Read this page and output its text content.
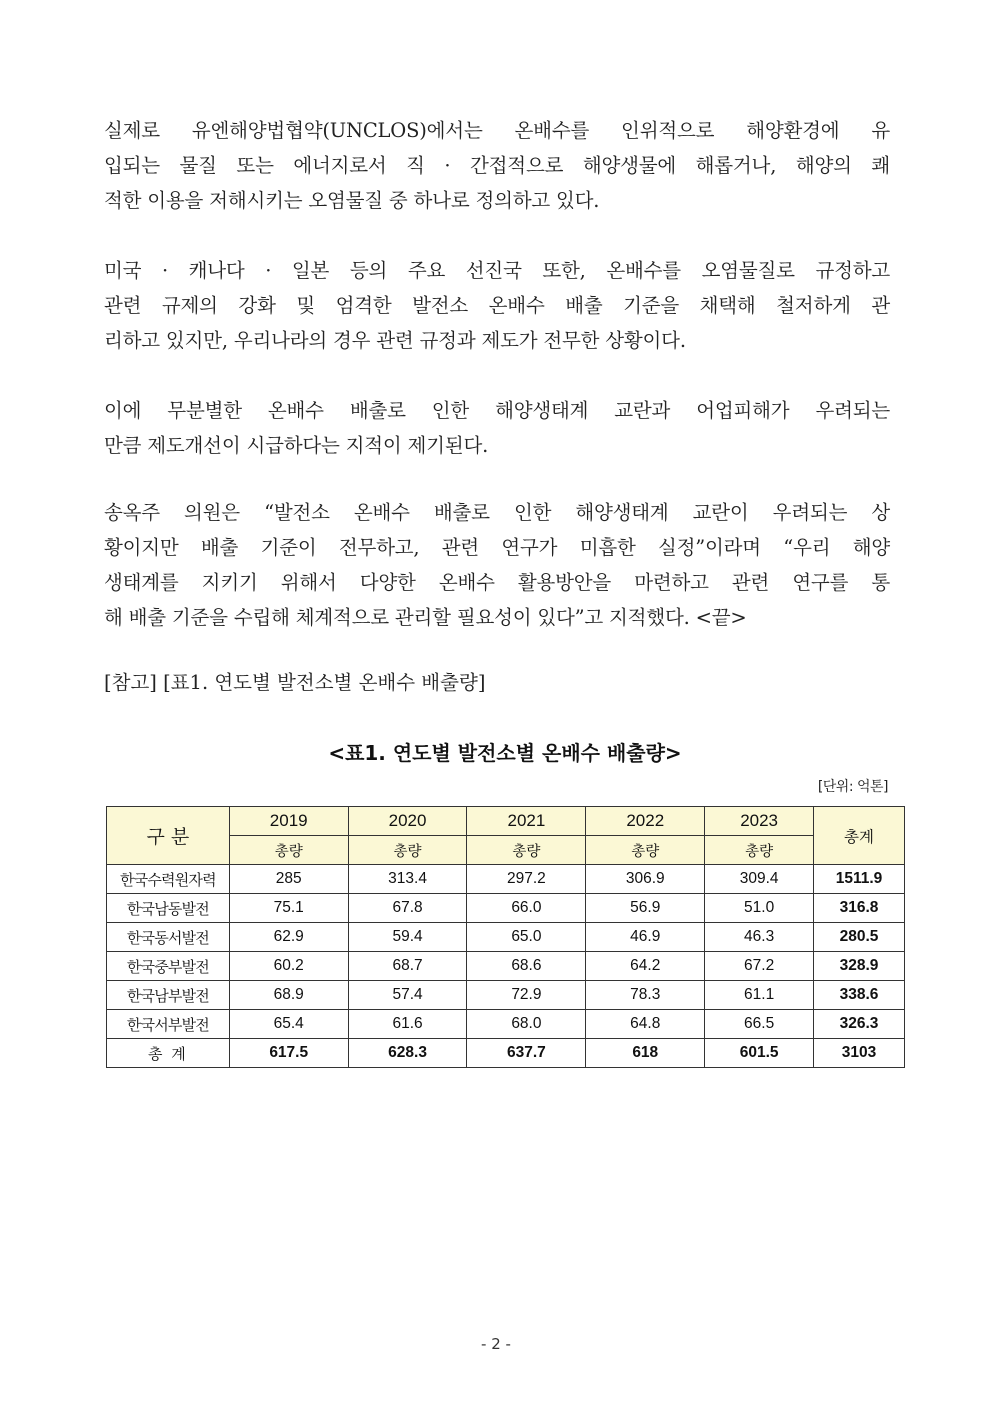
실제로 유엔해양법협약(UNCLOS)에서는 온배수를 인위적으로 해양환경에 유
입되는 물질 또는 에너지로서 직 · 간접적으로 해양생물에 해롭거나, 해양의 쾌
적한 이용을 저해시키는 오염물질 중 하나로 정의하고 있다.
미국 · 캐나다 · 일본 등의 주요 선진국 또한, 온배수를 오염물질로 규정하고
관련 규제의 강화 및 엄격한 발전소 온배수 배출 기준을 채택해 철저하게 관
리하고 있지만, 우리나라의 경우 관련 규정과 제도가 전무한 상황이다.
이에 무분별한 온배수 배출로 인한 해양생태계 교란과 어업피해가 우려되는
만큼 제도개선이 시급하다는 지적이 제기된다.
송옥주 의원은 “발전소 온배수 배출로 인한 해양생태계 교란이 우려되는 상
황이지만 배출 기준이 전무하고, 관련 연구가 미흡한 실정”이라며 “우리 해양
생태계를 지키기 위해서 다양한 온배수 활용방안을 마련하고 관련 연구를 통
해 배출 기준을 수립해 체계적으로 관리할 필요성이 있다”고 지적했다. <끝>
[참고] [표1. 연도별 발전소별 온배수 배출량]
<표1. 연도별 발전소별 온배수 배출량>
[단위: 억톤]
구 분	2019	2020	2021	2022	2023	총계
	총량	총량	총량	총량	총량	
한국수력원자력	285	313.4	297.2	306.9	309.4	1511.9
한국남동발전	75.1	67.8	66.0	56.9	51.0	316.8
한국동서발전	62.9	59.4	65.0	46.9	46.3	280.5
한국중부발전	60.2	68.7	68.6	64.2	67.2	328.9
한국남부발전	68.9	57.4	72.9	78.3	61.1	338.6
한국서부발전	65.4	61.6	68.0	64.8	66.5	326.3
총 계	617.5	628.3	637.7	618	601.5	3103
- 2 -
